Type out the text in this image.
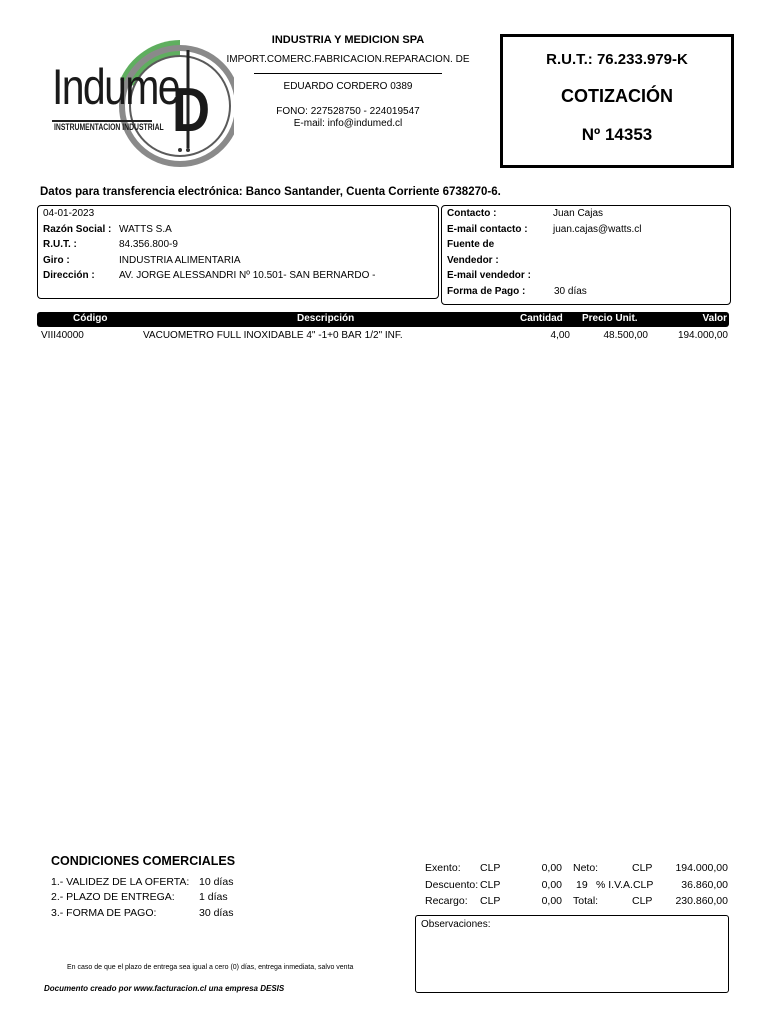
Indume
D
INSTRUMENTACION INDUSTRIAL
INDUSTRIA Y MEDICION SPA
IMPORT.COMERC.FABRICACION.REPARACION. DE
EDUARDO CORDERO 0389
FONO: 227528750 - 224019547
E-mail: info@indumed.cl
R.U.T.: 76.233.979-K
COTIZACIÓN
Nº 14353
Datos para transferencia electrónica: Banco Santander, Cuenta Corriente 6738270-6.
04-01-2023
Razón Social : WATTS S.A
R.U.T. :	84.356.800-9
Giro :	INDUSTRIA ALIMENTARIA
Dirección : AV. JORGE ALESSANDRI Nº 10.501- SAN BERNARDO -
Contacto :	Juan Cajas
E-mail contacto :	juan.cajas@watts.cl
Fuente de
Vendedor :
E-mail vendedor :
Forma de Pago :	30 días
Código	Descripción	Cantidad Precio Unit.	Valor
VIII40000	VACUOMETRO FULL INOXIDABLE 4" -1+0 BAR 1/2" INF.	4,00	48.500,00	194.000,00
CONDICIONES COMERCIALES
1.- VALIDEZ DE LA OFERTA: 10 días
2.- PLAZO DE ENTREGA: 1 días
3.- FORMA DE PAGO:	30 días
Exento: CLP	0,00 Neto:	CLP 194.000,00
Descuento: CLP	0,00 19 % I.V.A.CLP	36.860,00
Recargo: CLP	0,00 Total:	CLP 230.860,00
Observaciones:
En caso de que el plazo de entrega sea igual a cero (0) días, entrega inmediata, salvo venta
Documento creado por www.facturacion.cl una empresa DESIS
